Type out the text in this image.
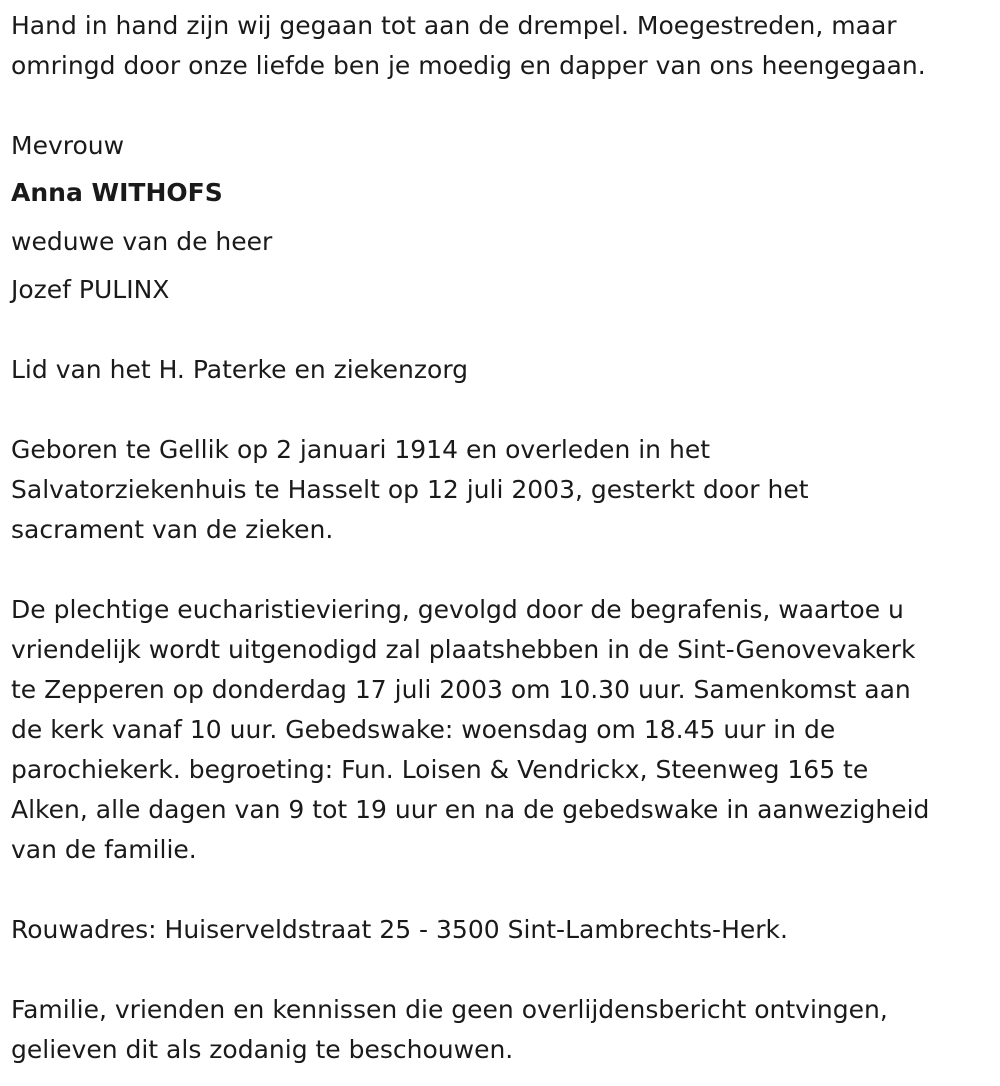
Hand in hand zijn wij gegaan tot aan de drempel. Moegestreden, maar
omringd door onze liefde ben je moedig en dapper van ons heengegaan.

Mevrouw

Anna WITHOFS

weduwe van de heer

Jozef PULINX

Lid van het H. Paterke en ziekenzorg

Geboren te Gellik op 2 januari 1914 en overleden in het
Salvatorziekenhuis te Hasselt op 12 juli 2003, gesterkt door het
sacrament van de zieken.

De plechtige eucharistieviering, gevolgd door de begrafenis, waartoe u
vriendelijk wordt uitgenodigd zal plaatshebben in de Sint-Genovevakerk
te Zepperen op donderdag 17 juli 2003 om 10.30 uur. Samenkomst aan
de kerk vanaf 10 uur. Gebedswake: woensdag om 18.45 uur in de
parochiekerk. begroeting: Fun. Loisen & Vendrickx, Steenweg 165 te
Alken, alle dagen van 9 tot 19 uur en na de gebedswake in aanwezigheid
van de familie.

Rouwadres: Huiserveldstraat 25 - 3500 Sint-Lambrechts-Herk.

Familie, vrienden en kennissen die geen overlijdensbericht ontvingen,
gelieven dit als zodanig te beschouwen.
